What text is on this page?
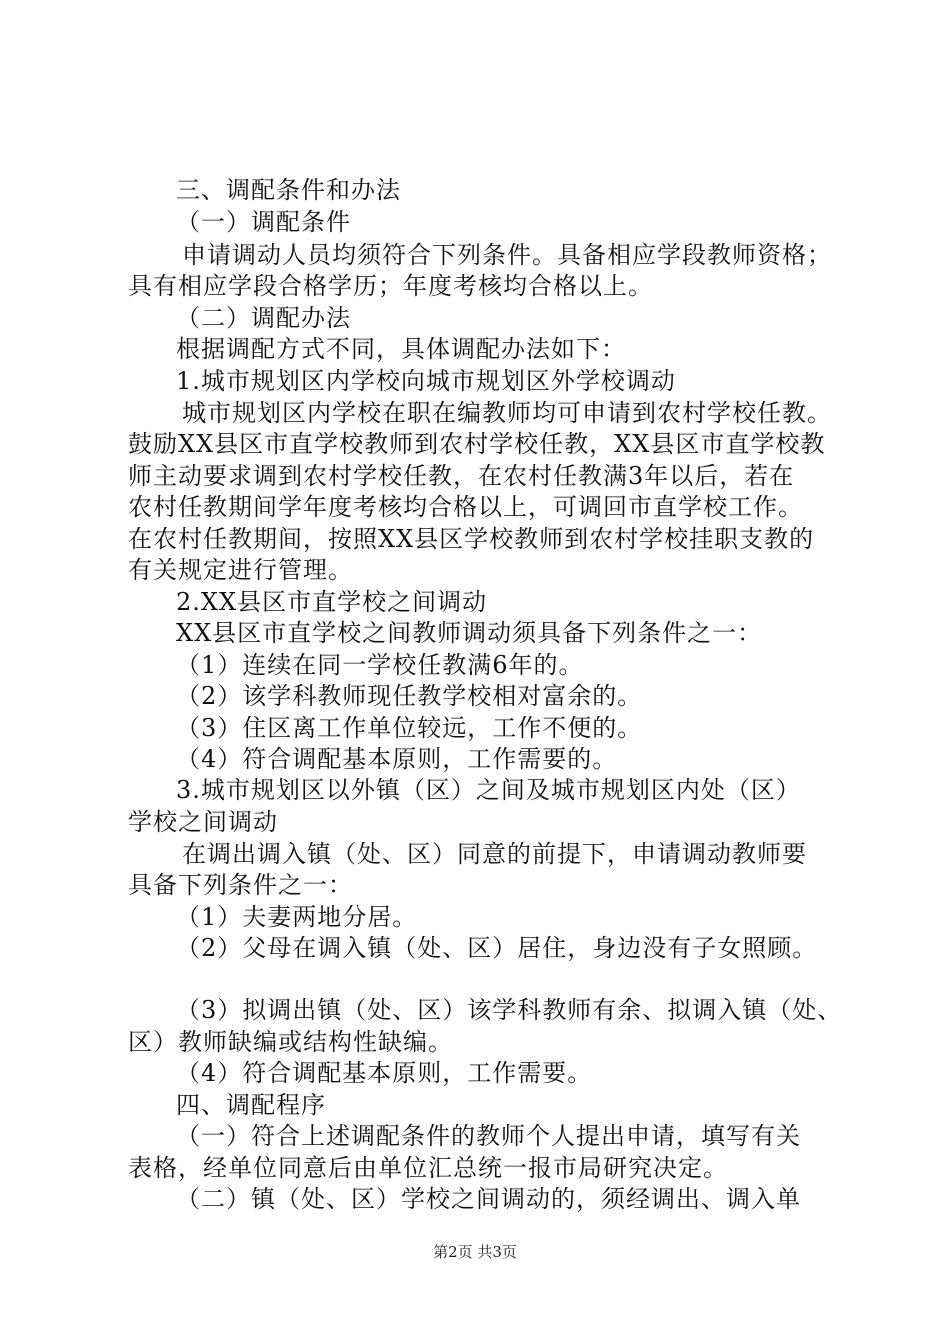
三、调配条件和办法
（一）调配条件
申请调动人员均须符合下列条件。具备相应学段教师资格；
具有相应学段合格学历；年度考核均合格以上。
（二）调配办法
根据调配方式不同，具体调配办法如下：
1.城市规划区内学校向城市规划区外学校调动
城市规划区内学校在职在编教师均可申请到农村学校任教。
鼓励XX县区市直学校教师到农村学校任教，XX县区市直学校教
师主动要求调到农村学校任教，在农村任教满3年以后，若在
农村任教期间学年度考核均合格以上，可调回市直学校工作。
在农村任教期间，按照XX县区学校教师到农村学校挂职支教的
有关规定进行管理。
2.XX县区市直学校之间调动
XX县区市直学校之间教师调动须具备下列条件之一：
（1）连续在同一学校任教满6年的。
（2）该学科教师现任教学校相对富余的。
（3）住区离工作单位较远，工作不便的。
（4）符合调配基本原则，工作需要的。
3.城市规划区以外镇（区）之间及城市规划区内处（区）
学校之间调动
在调出调入镇（处、区）同意的前提下，申请调动教师要
具备下列条件之一：
（1）夫妻两地分居。
（2）父母在调入镇（处、区）居住，身边没有子女照顾。
（3）拟调出镇（处、区）该学科教师有余、拟调入镇（处、
区）教师缺编或结构性缺编。
（4）符合调配基本原则，工作需要。
四、调配程序
（一）符合上述调配条件的教师个人提出申请，填写有关
表格，经单位同意后由单位汇总统一报市局研究决定。
（二）镇（处、区）学校之间调动的，须经调出、调入单
第2页 共3页
